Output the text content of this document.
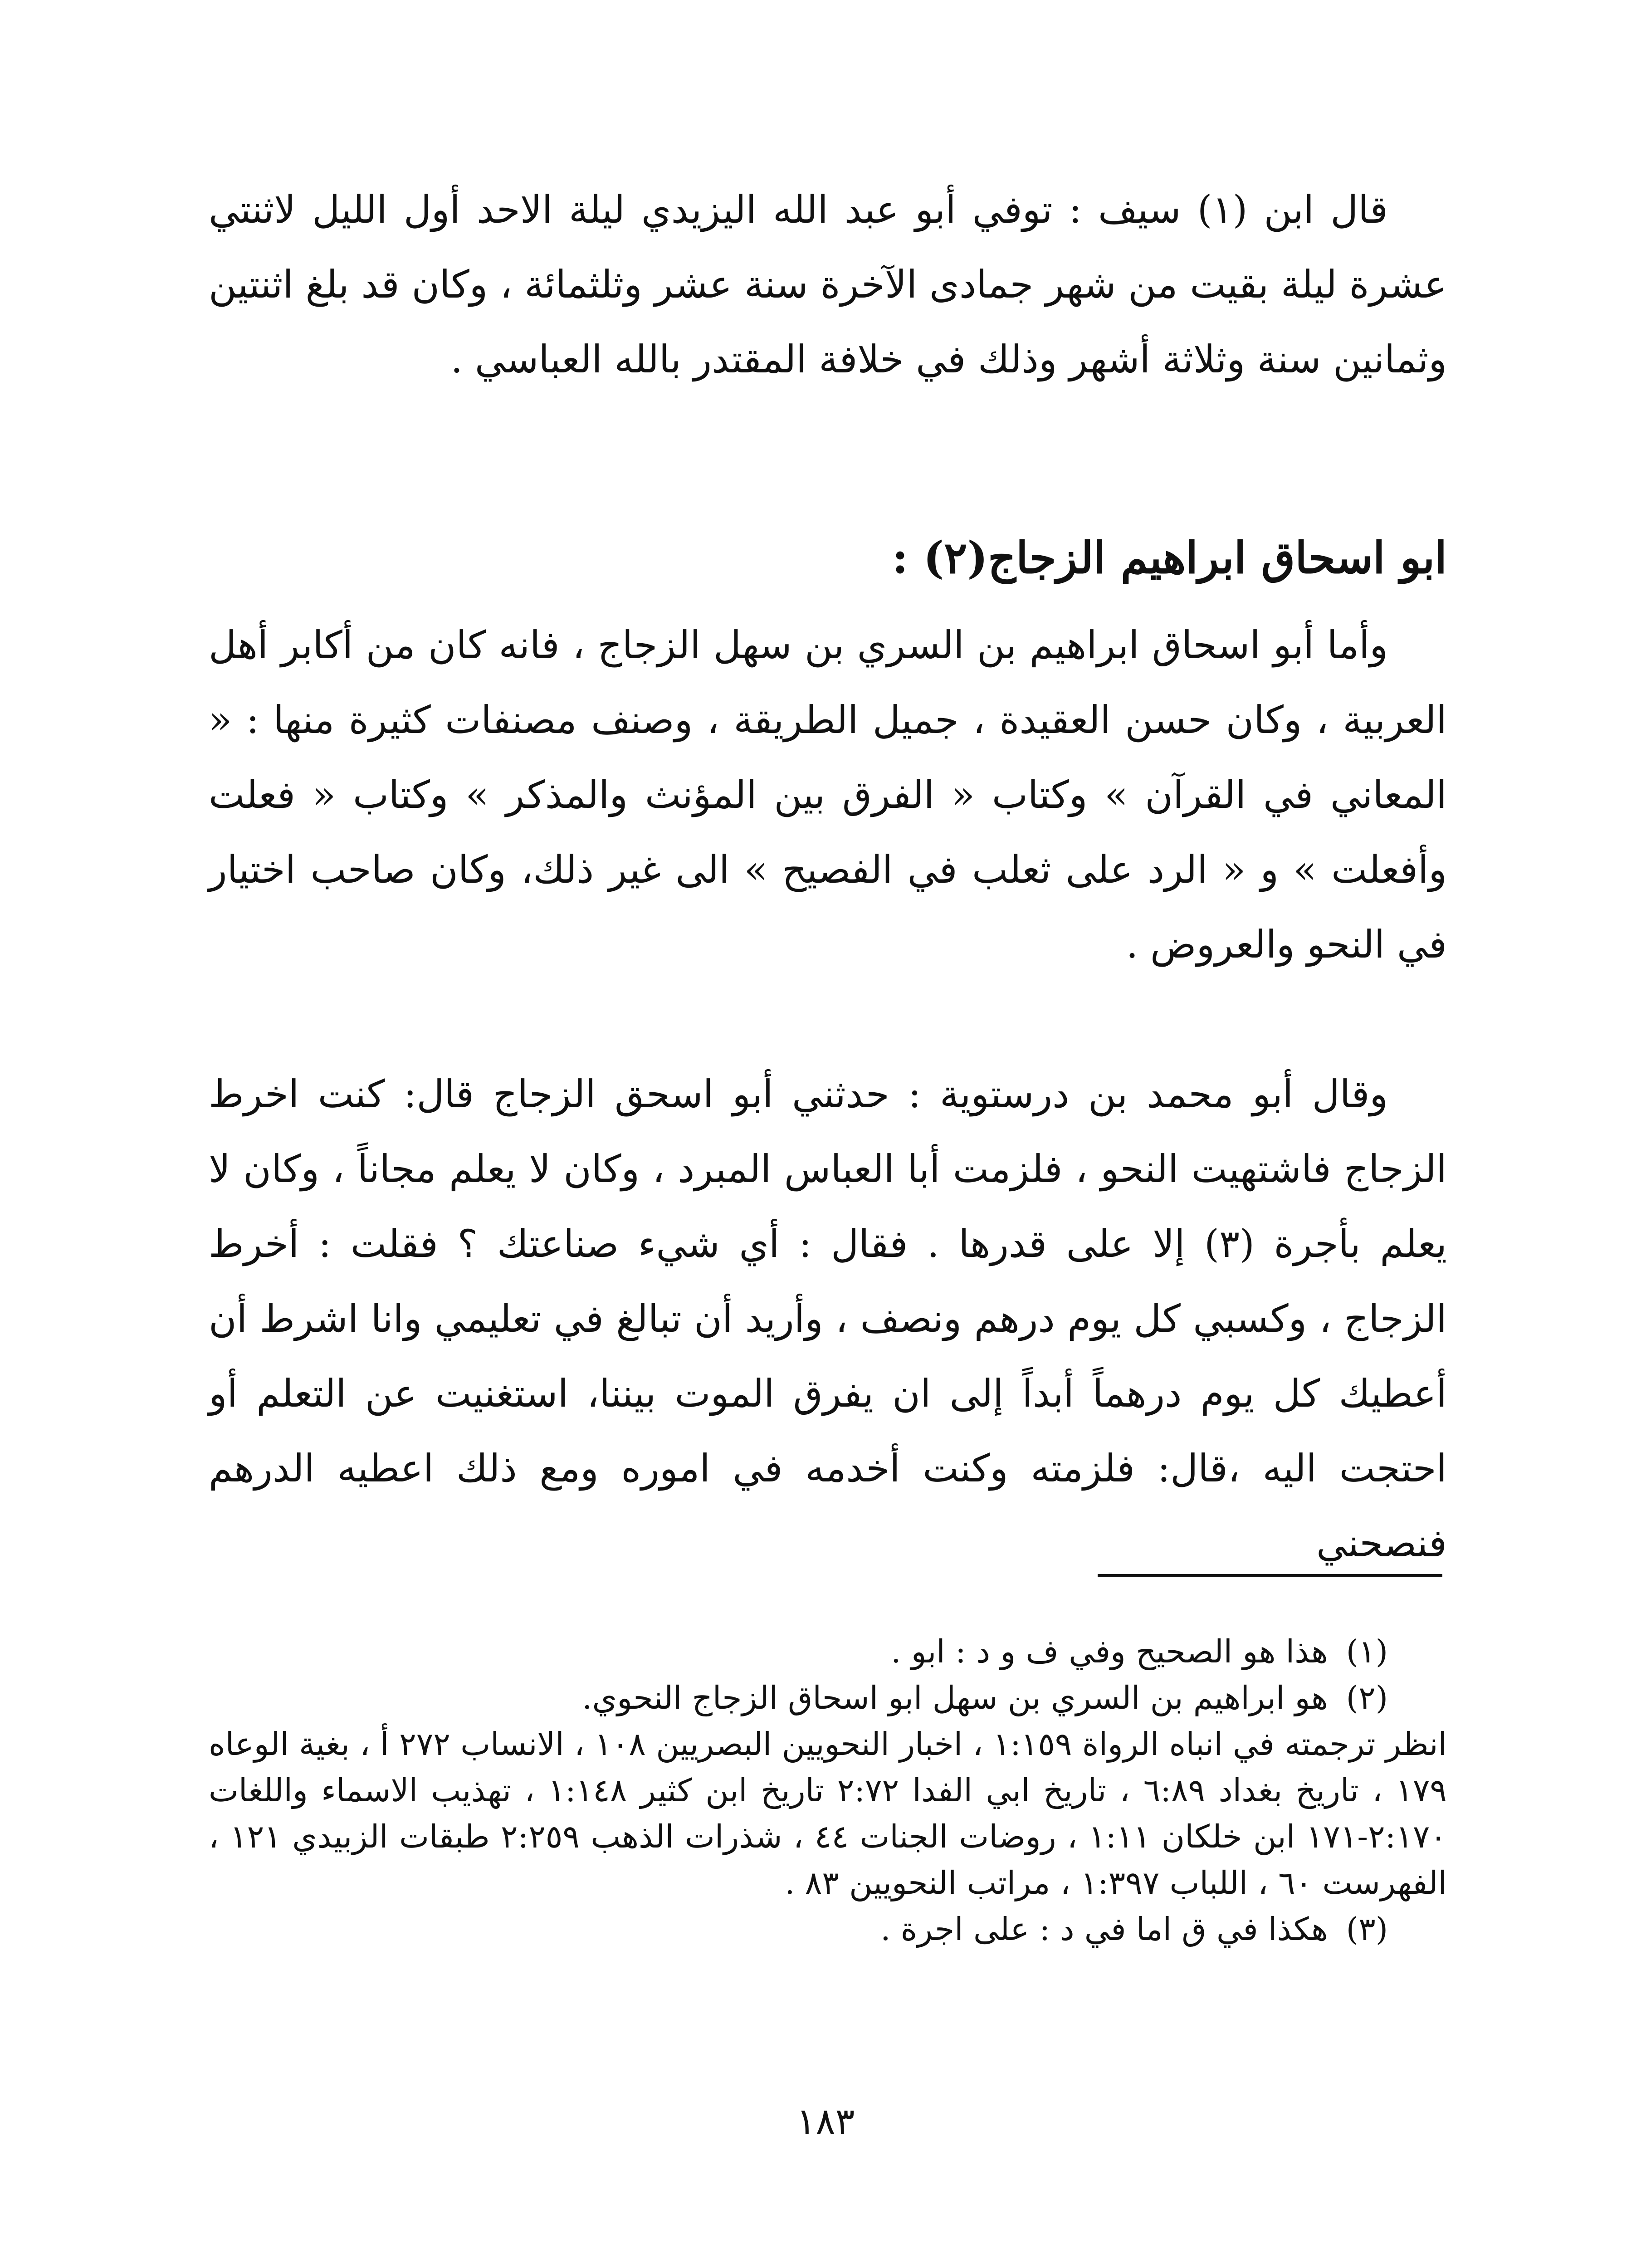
قال ابن (١) سيف : توفي أبو عبد الله اليزيدي ليلة الاحد أول الليل لاثنتي عشرة ليلة بقيت من شهر جمادى الآخرة سنة عشر وثلثمائة ، وكان قد بلغ اثنتين وثمانين سنة وثلاثة أشهر وذلك في خلافة المقتدر بالله العباسي .

ابو اسحاق ابراهيم الزجاج(٢) :

وأما أبو اسحاق ابراهيم بن السري بن سهل الزجاج ، فانه كان من أكابر أهل العربية ، وكان حسن العقيدة ، جميل الطريقة ، وصنف مصنفات كثيرة منها : « المعاني في القرآن » وكتاب « الفرق بين المؤنث والمذكر » وكتاب « فعلت وأفعلت » و « الرد على ثعلب في الفصيح » الى غير ذلك، وكان صاحب اختيار في النحو والعروض .

وقال أبو محمد بن درستوية : حدثني أبو اسحق الزجاج قال: كنت اخرط الزجاج فاشتهيت النحو ، فلزمت أبا العباس المبرد ، وكان لا يعلم مجاناً ، وكان لا يعلم بأجرة (٣) إلا على قدرها . فقال : أي شيء صناعتك ؟ فقلت : أخرط الزجاج ، وكسبي كل يوم درهم ونصف ، وأريد أن تبالغ في تعليمي وانا اشرط أن أعطيك كل يوم درهماً أبداً إلى ان يفرق الموت بيننا، استغنيت عن التعلم أو احتجت اليه ،قال: فلزمته وكنت أخدمه في اموره ومع ذلك اعطيه الدرهم فنصحني

(١)هذا هو الصحيح وفي ف و د : ابو .

(٢)هو ابراهيم بن السري بن سهل ابو اسحاق الزجاج النحوي.

انظر ترجمته في انباه الرواة ١:١٥٩ ، اخبار النحويين البصريين ١٠٨ ، الانساب ٢٧٢ أ ، بغية الوعاه ١٧٩ ، تاريخ بغداد ٦:٨٩ ، تاريخ ابي الفدا ٢:٧٢ تاريخ ابن كثير ١:١٤٨ ، تهذيب الاسماء واللغات ٢:١٧٠-١٧١ ابن خلكان ١:١١ ، روضات الجنات ٤٤ ، شذرات الذهب ٢:٢٥٩ طبقات الزبيدي ١٢١ ، الفهرست ٦٠ ، اللباب ١:٣٩٧ ، مراتب النحويين ٨٣ .

(٣)هكذا في ق اما في د : على اجرة .

١٨٣
